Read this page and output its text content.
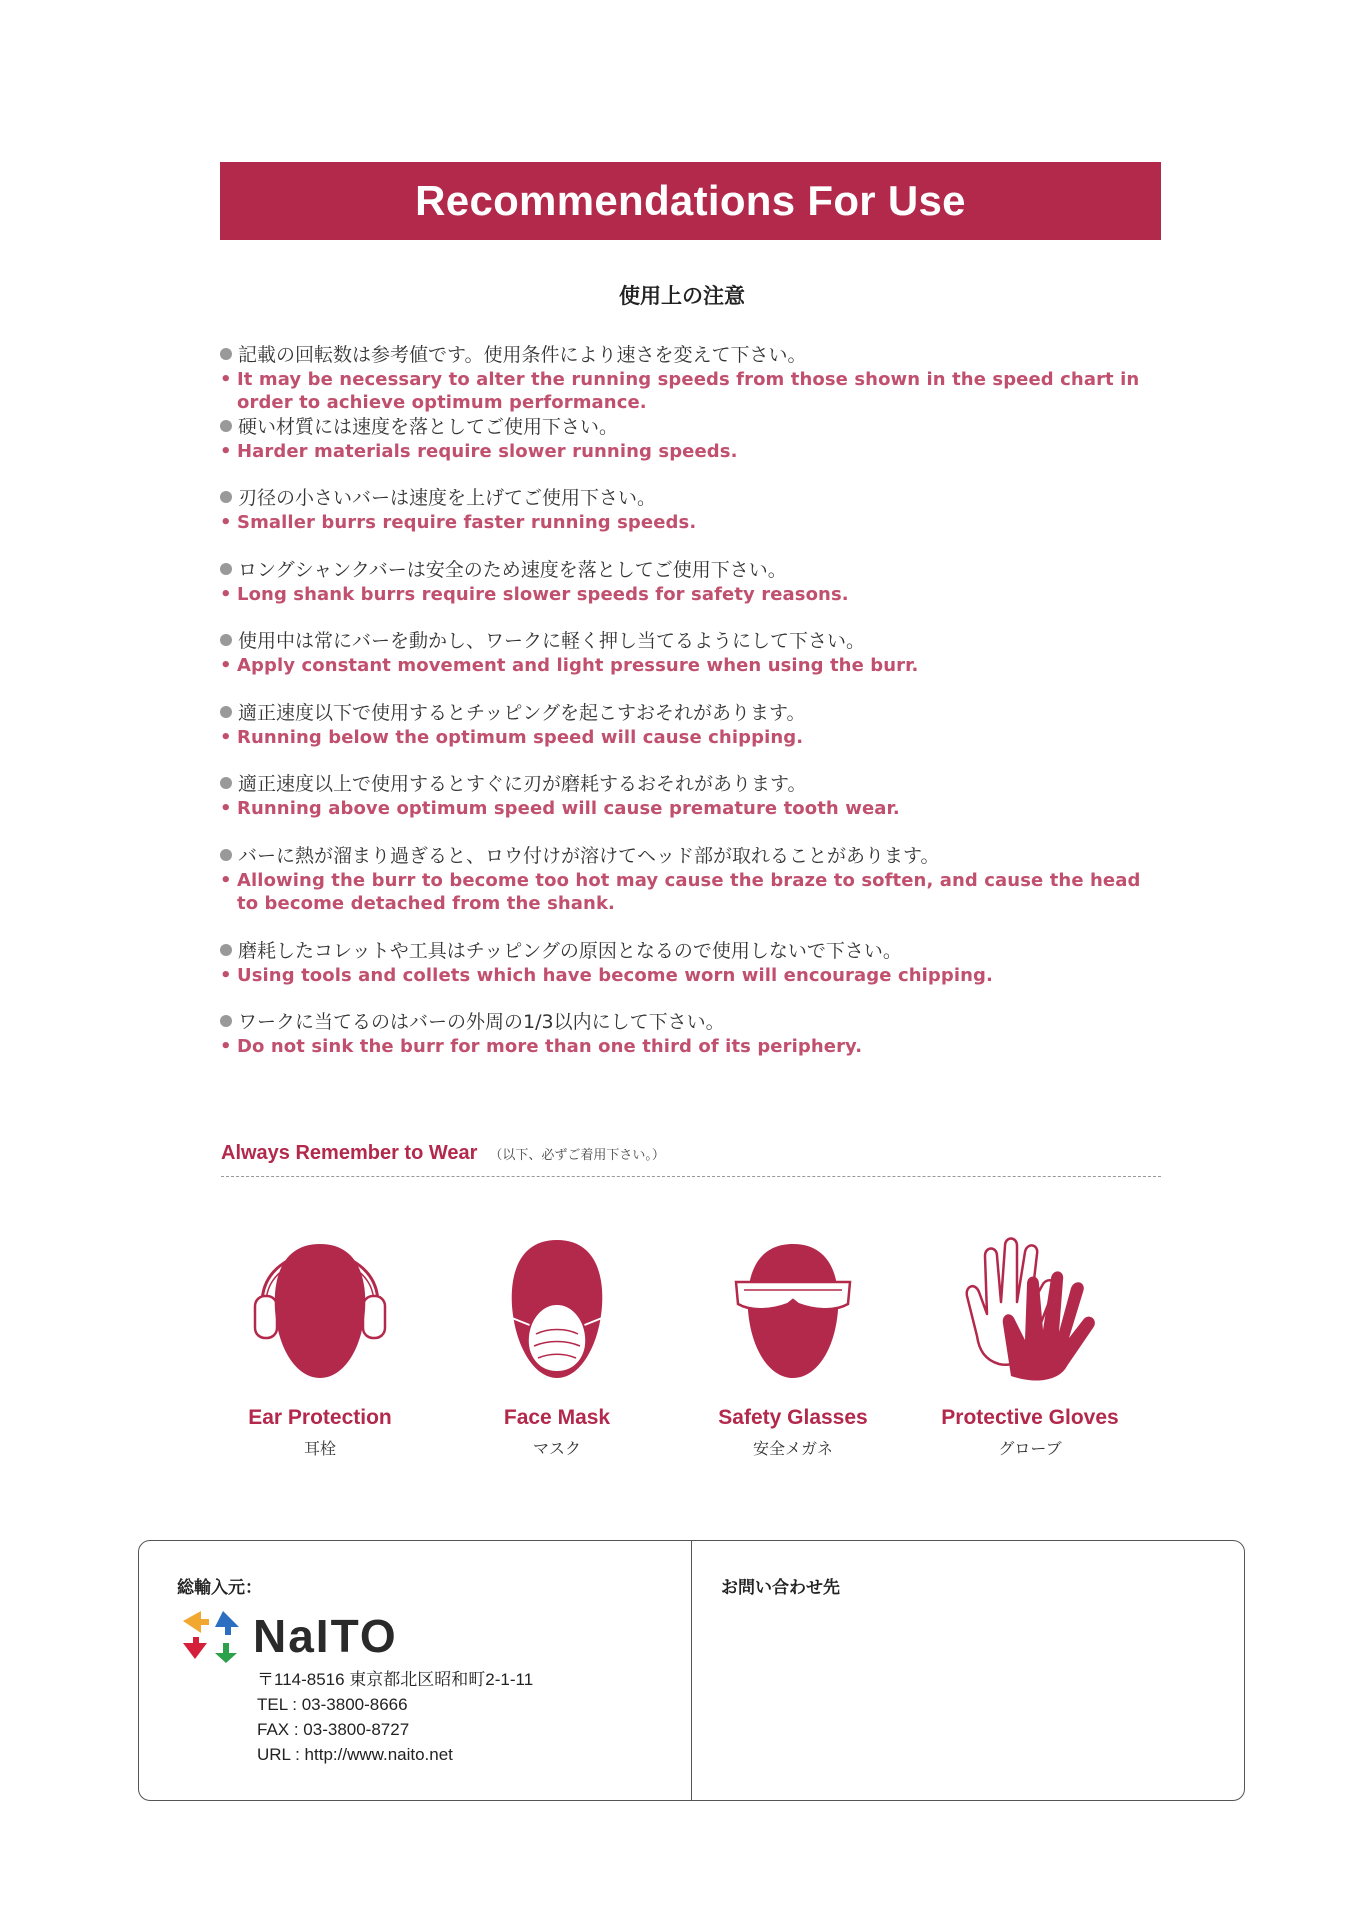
Recommendations For Use
使用上の注意
記載の回転数は参考値です。使用条件により速さを変えて下さい。
• It may be necessary to alter the running speeds from those shown in the speed chart in order to achieve optimum performance.
硬い材質には速度を落としてご使用下さい。
• Harder materials require slower running speeds.
刃径の小さいバーは速度を上げてご使用下さい。
• Smaller burrs require faster running speeds.
ロングシャンクバーは安全のため速度を落としてご使用下さい。
• Long shank burrs require slower speeds for safety reasons.
使用中は常にバーを動かし、ワークに軽く押し当てるようにして下さい。
• Apply constant movement and light pressure when using the burr.
適正速度以下で使用するとチッピングを起こすおそれがあります。
• Running below the optimum speed will cause chipping.
適正速度以上で使用するとすぐに刃が磨耗するおそれがあります。
• Running above optimum speed will cause premature tooth wear.
バーに熱が溜まり過ぎると、ロウ付けが溶けてヘッド部が取れることがあります。
• Allowing the burr to become too hot may cause the braze to soften, and cause the head to become detached from the shank.
磨耗したコレットや工具はチッピングの原因となるので使用しないで下さい。
• Using tools and collets which have become worn will encourage chipping.
ワークに当てるのはバーの外周の1/3以内にして下さい。
• Do not sink the burr for more than one third of its periphery.
Always Remember to Wear （以下、必ずご着用下さい。）
Ear Protection
耳栓
Face Mask
マスク
Safety Glasses
安全メガネ
Protective Gloves
グローブ
総輸入元：
NaITO
〒114-8516 東京都北区昭和町2-1-11
TEL : 03-3800-8666
FAX : 03-3800-8727
URL : http://www.naito.net
お問い合わせ先
